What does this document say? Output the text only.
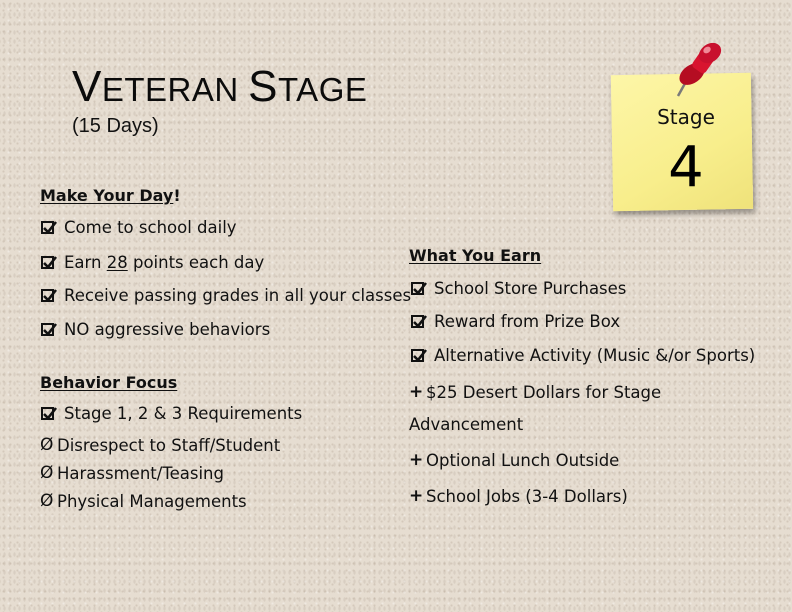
VETERAN STAGE
(15 Days)	Stage
4
Make Your Day!
Come to school daily
Earn 28 points each day
Receive passing grades in all your classes
NO aggressive behaviors
Behavior Focus
Stage 1, 2 & 3 Requirements
Ø Disrespect to Staff/Student
Ø Harassment/Teasing
Ø Physical Managements
What You Earn
School Store Purchases
Reward from Prize Box
Alternative Activity (Music &/or Sports)
+ $25 Desert Dollars for Stage
Advancement
+ Optional Lunch Outside
+ School Jobs (3-4 Dollars)
